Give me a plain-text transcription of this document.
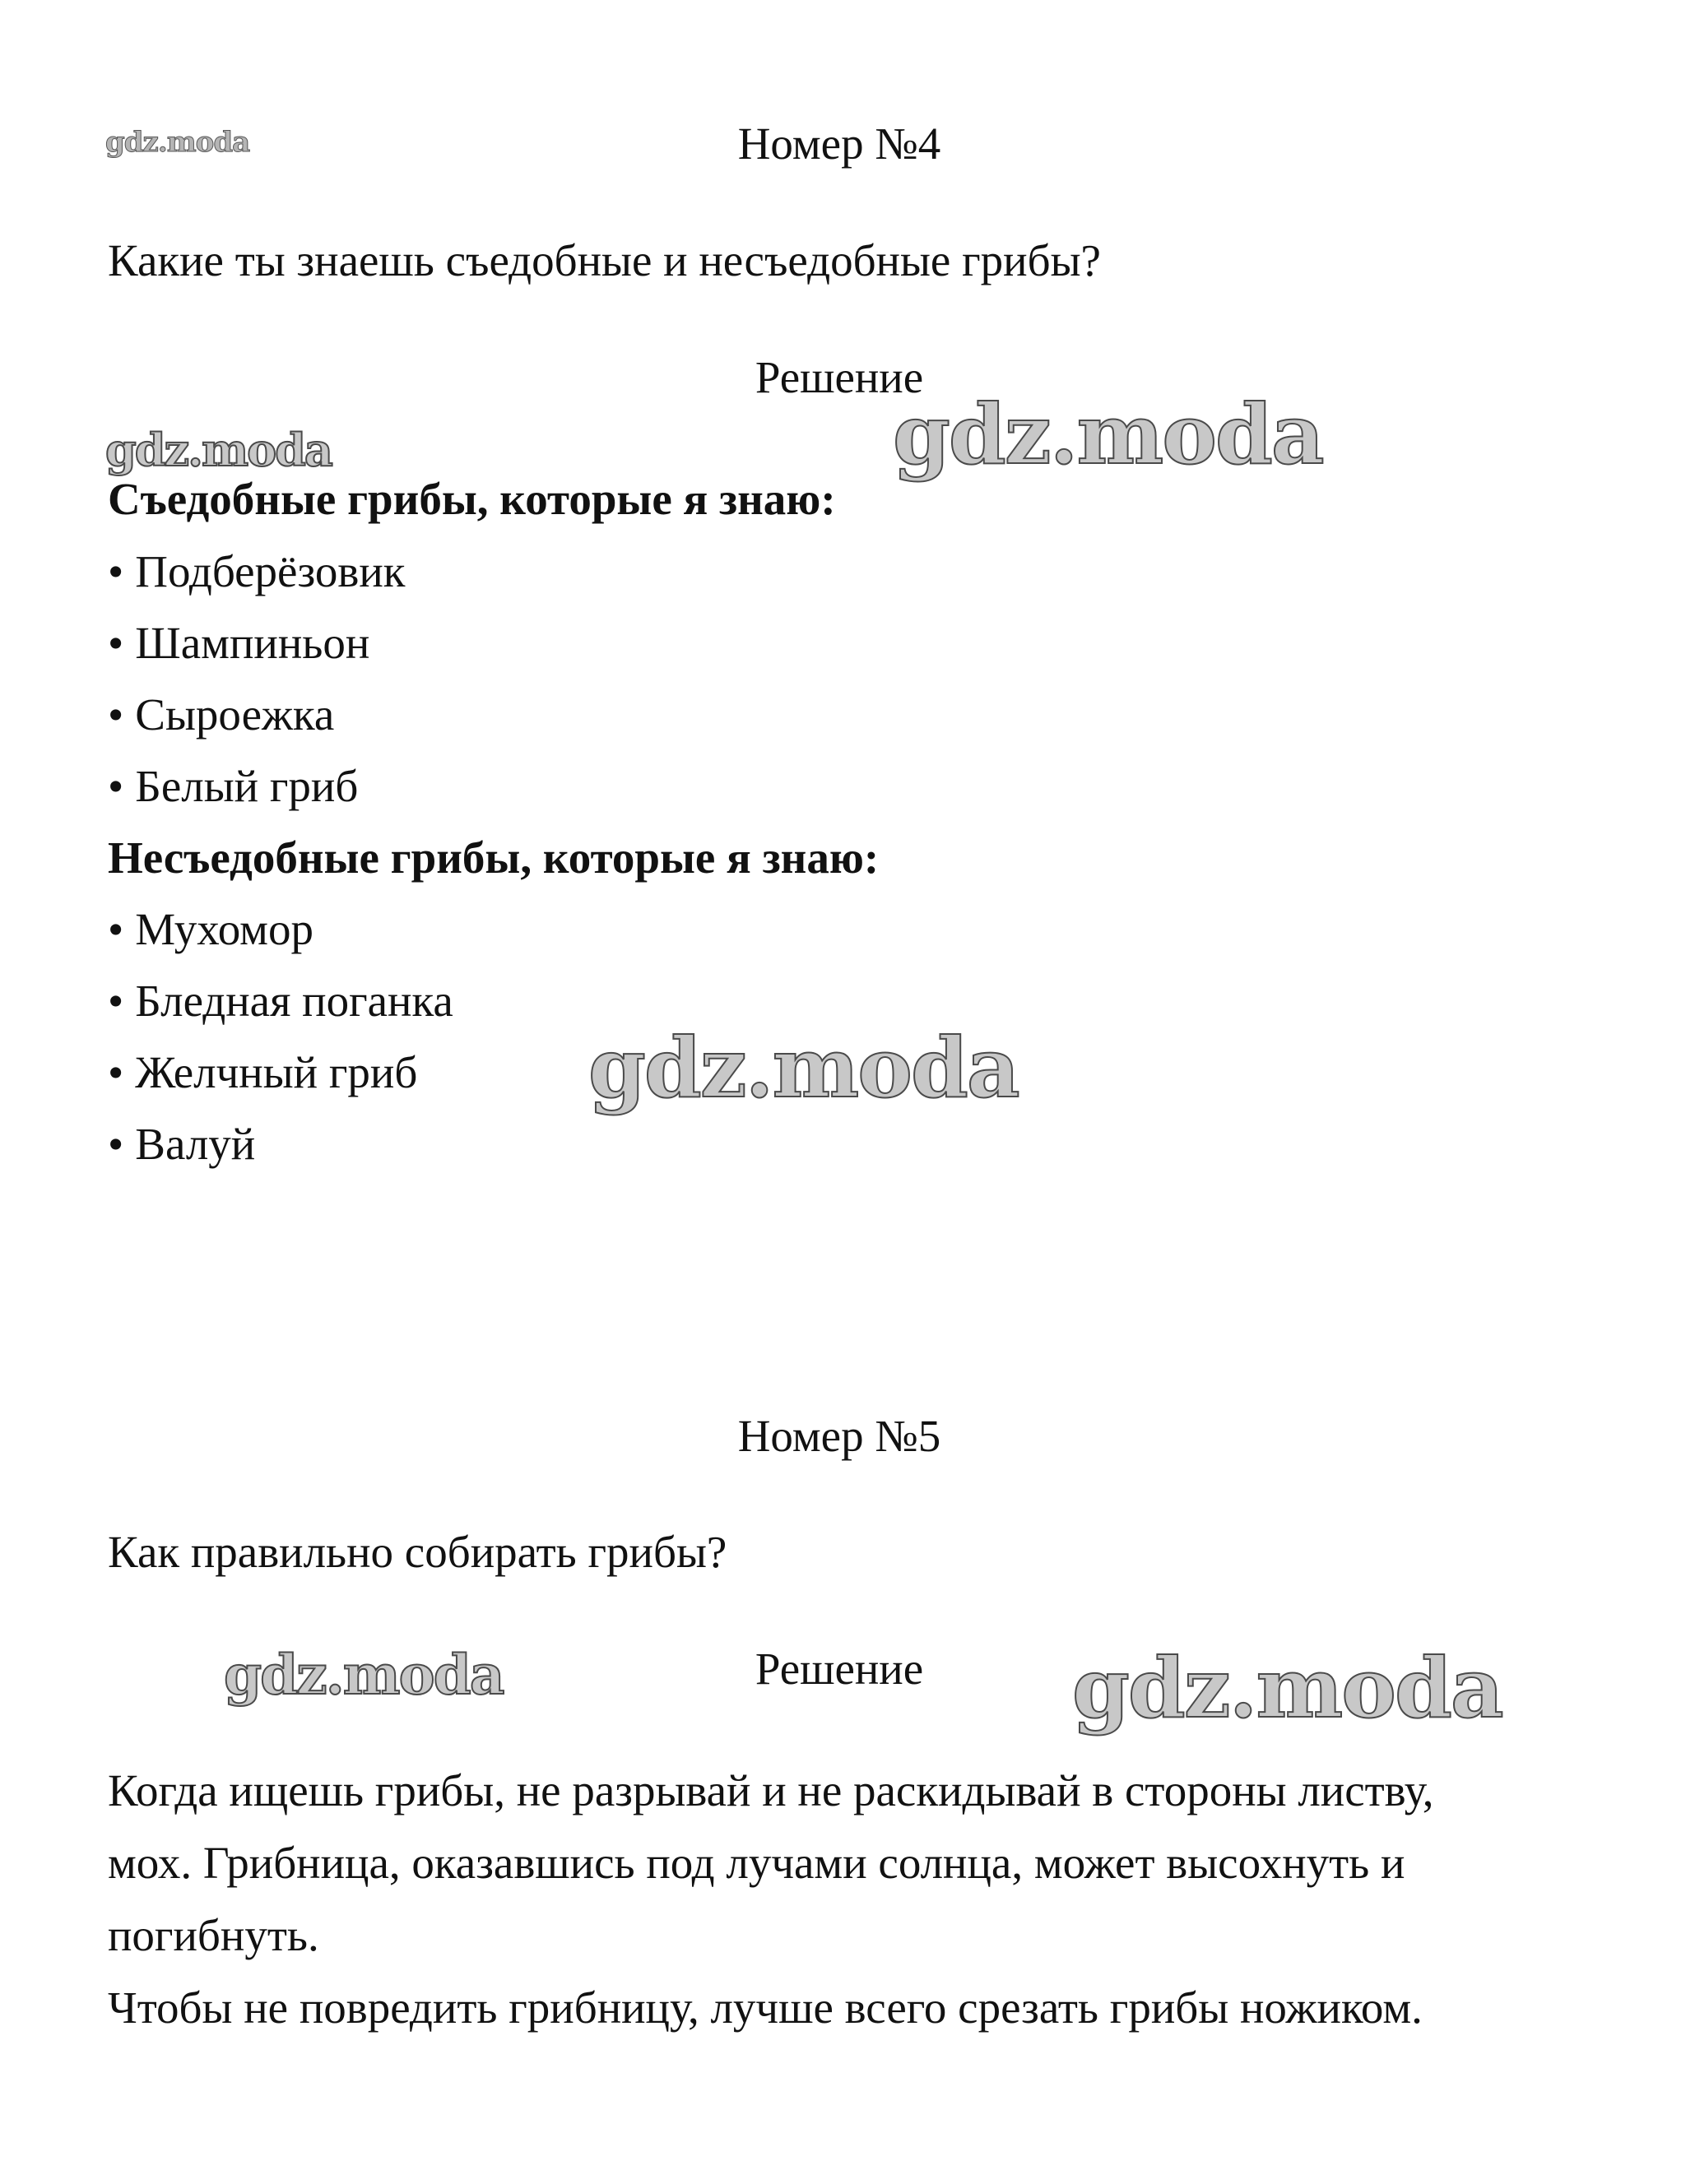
gdz.moda
gdz.moda	gdz.moda
gdz.moda
gdz.moda	gdz.moda

Номер №4

Какие ты знаешь съедобные и несъедобные грибы?

Решение

Съедобные грибы, которые я знаю:

• Подберёзовик

• Шампиньон

• Сыроежка

• Белый гриб

Несъедобные грибы, которые я знаю:

• Мухомор

• Бледная поганка

• Желчный гриб

• Валуй

Номер №5

Как правильно собирать грибы?

Решение

Когда ищешь грибы, не разрывай и не раскидывай в стороны листву,

мох. Грибница, оказавшись под лучами солнца, может высохнуть и

погибнуть.

Чтобы не повредить грибницу, лучше всего срезать грибы ножиком.
